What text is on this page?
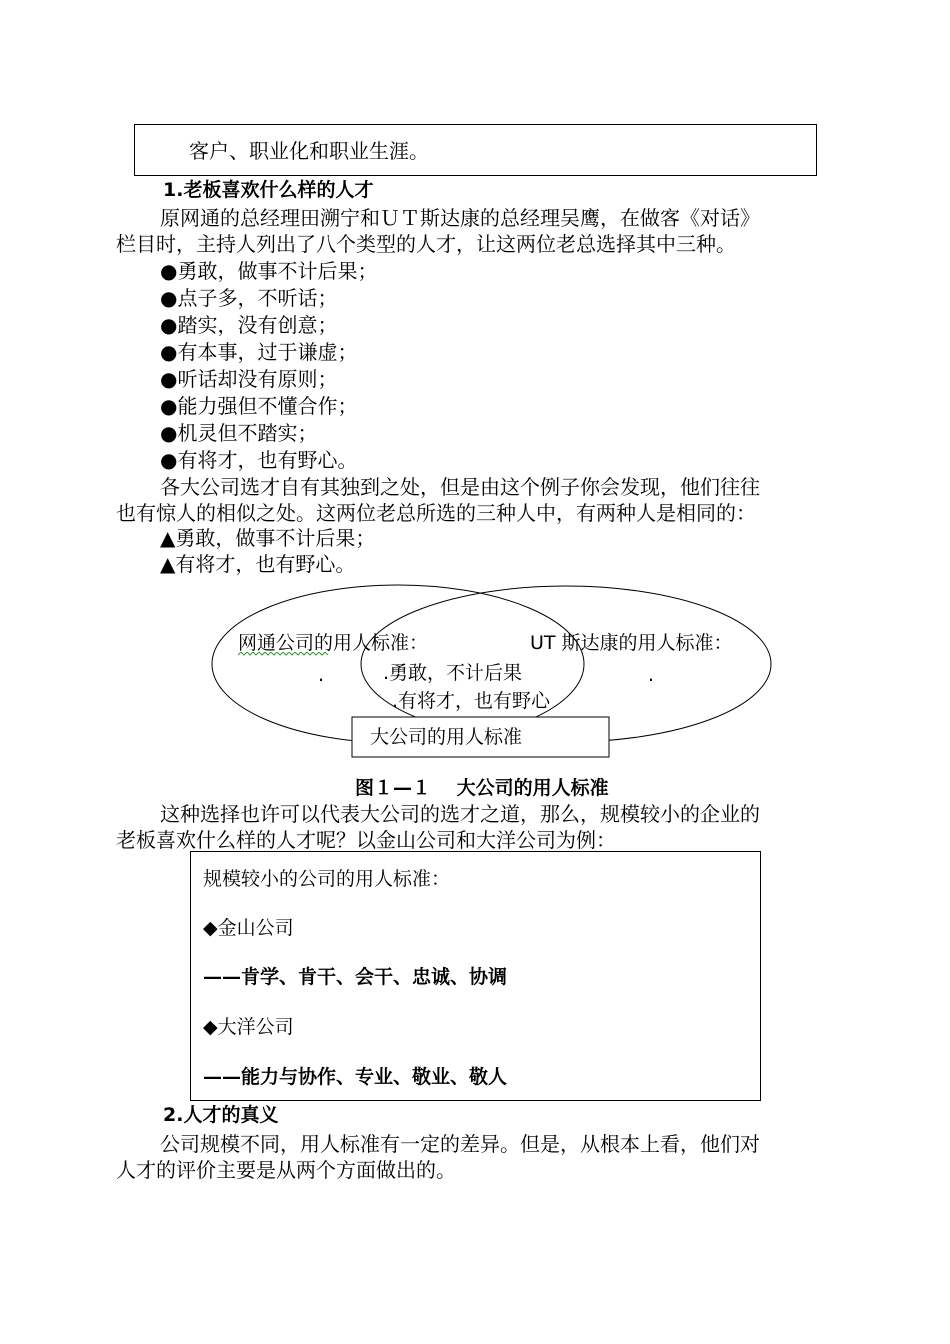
客户、职业化和职业生涯。
1.老板喜欢什么样的人才
原网通的总经理田溯宁和ＵＴ斯达康的总经理吴鹰，在做客《对话》
栏目时，主持人列出了八个类型的人才，让这两位老总选择其中三种。
●勇敢，做事不计后果；
●点子多，不听话；
●踏实，没有创意；
●有本事，过于谦虚；
●听话却没有原则；
●能力强但不懂合作；
●机灵但不踏实；
●有将才，也有野心。
各大公司选才自有其独到之处，但是由这个例子你会发现，他们往往
也有惊人的相似之处。这两位老总所选的三种人中，有两种人是相同的：
▲勇敢，做事不计后果；
▲有将才，也有野心。
网通公司的用人标准：	UT 斯达康的用人标准：
.	.
.勇敢，不计后果
.有将才，也有野心
大公司的用人标准
图１—１　 大公司的用人标准
这种选择也许可以代表大公司的选才之道，那么，规模较小的企业的
老板喜欢什么样的人才呢？以金山公司和大洋公司为例：
规模较小的公司的用人标准：
◆金山公司
——肯学、肯干、会干、忠诚、协调
◆大洋公司
——能力与协作、专业、敬业、敬人
2.人才的真义
公司规模不同，用人标准有一定的差异。但是，从根本上看，他们对
人才的评价主要是从两个方面做出的。
